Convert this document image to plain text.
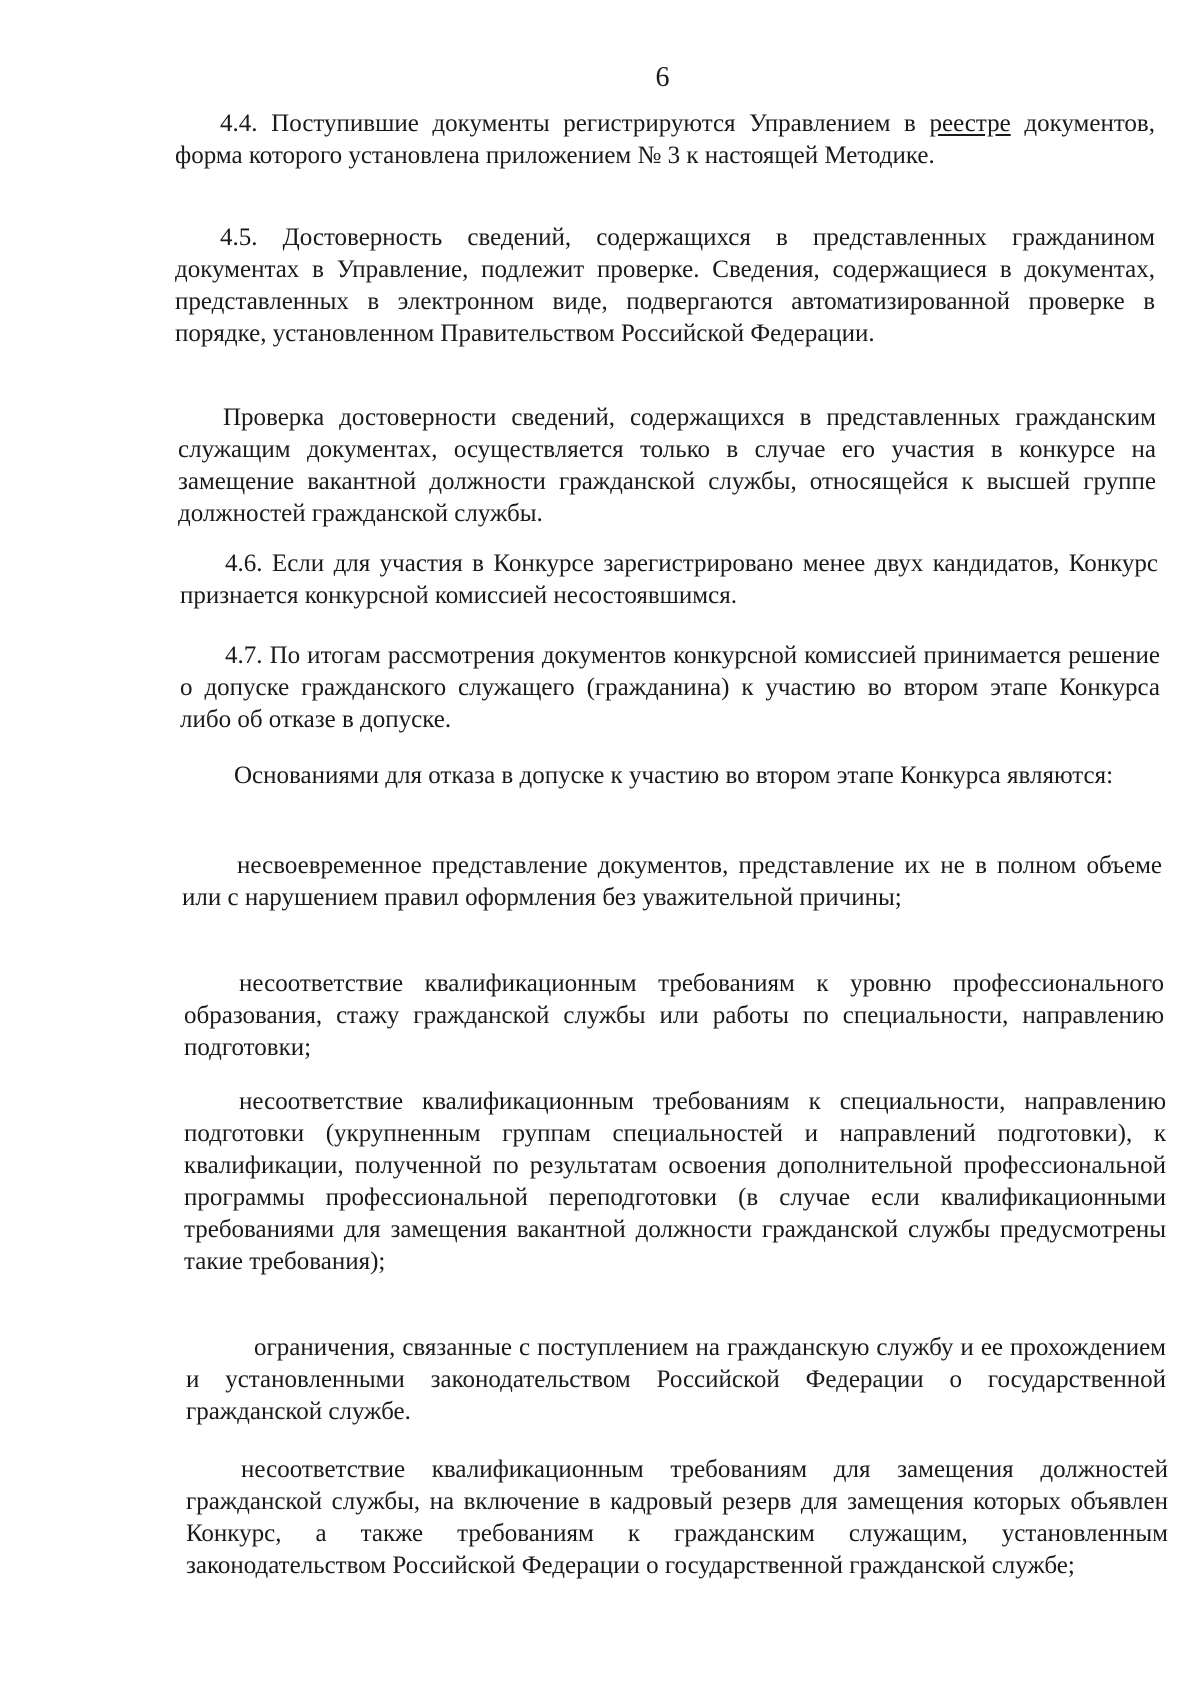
6

4.4. Поступившие документы регистрируются Управлением в реестре документов, форма которого установлена приложением № 3 к настоящей Методике.

4.5. Достоверность сведений, содержащихся в представленных гражданином документах в Управление, подлежит проверке. Сведения, содержащиеся в документах, представленных в электронном виде, подвергаются автоматизированной проверке в порядке, установленном Правительством Российской Федерации.

Проверка достоверности сведений, содержащихся в представленных гражданским служащим документах, осуществляется только в случае его участия в конкурсе на замещение вакантной должности гражданской службы, относящейся к высшей группе должностей гражданской службы.

4.6. Если для участия в Конкурсе зарегистрировано менее двух кандидатов, Конкурс признается конкурсной комиссией несостоявшимся.

4.7. По итогам рассмотрения документов конкурсной комиссией принимается решение о допуске гражданского служащего (гражданина) к участию во втором этапе Конкурса либо об отказе в допуске.

Основаниями для отказа в допуске к участию во втором этапе Конкурса являются:

несвоевременное представление документов, представление их не в полном объеме или с нарушением правил оформления без уважительной причины;

несоответствие квалификационным требованиям к уровню профессионального образования, стажу гражданской службы или работы по специальности, направлению подготовки;

несоответствие квалификационным требованиям к специальности, направлению подготовки (укрупненным группам специальностей и направлений подготовки), к квалификации, полученной по результатам освоения дополнительной профессиональной программы профессиональной переподготовки (в случае если квалификационными требованиями для замещения вакантной должности гражданской службы предусмотрены такие требования);

ограничения, связанные с поступлением на гражданскую службу и ее прохождением и установленными законодательством Российской Федерации о государственной гражданской службе.

несоответствие квалификационным требованиям для замещения должностей гражданской службы, на включение в кадровый резерв для замещения которых объявлен Конкурс, а также требованиям к гражданским служащим, установленным законодательством Российской Федерации о государственной гражданской службе;
